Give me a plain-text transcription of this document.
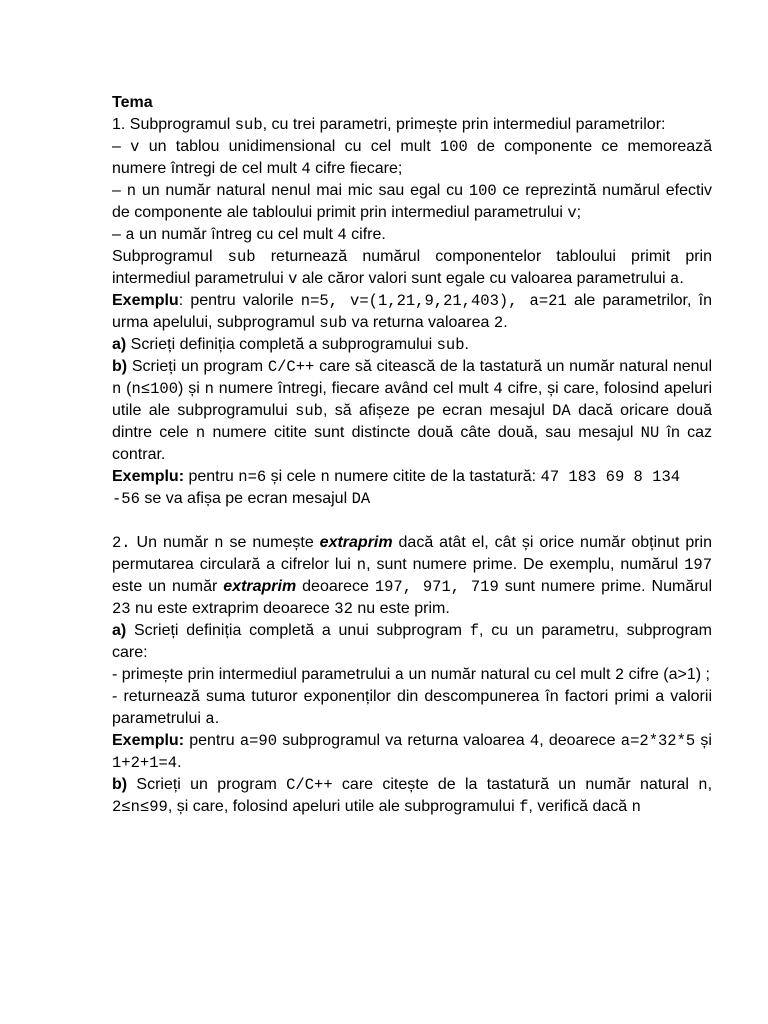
Tema

1. Subprogramul sub, cu trei parametri, primește prin intermediul parametrilor:

– v un tablou unidimensional cu cel mult 100 de componente ce memorează numere întregi de cel mult 4 cifre fiecare;

– n un număr natural nenul mai mic sau egal cu 100 ce reprezintă numărul efectiv de componente ale tabloului primit prin intermediul parametrului v;

– a un număr întreg cu cel mult 4 cifre.

Subprogramul sub returnează numărul componentelor tabloului primit prin intermediul parametrului v ale căror valori sunt egale cu valoarea parametrului a.

Exemplu: pentru valorile n=5, v=(1,21,9,21,403), a=21 ale parametrilor, în urma apelului, subprogramul sub va returna valoarea 2.

a) Scrieți definiția completă a subprogramului sub.

b) Scrieți un program C/C++ care să citească de la tastatură un număr natural nenul n (n≤100) și n numere întregi, fiecare având cel mult 4 cifre, și care, folosind apeluri utile ale subprogramului sub, să afișeze pe ecran mesajul DA dacă oricare două dintre cele n numere citite sunt distincte două câte două, sau mesajul NU în caz contrar.

Exemplu: pentru n=6 și cele n numere citite de la tastatură: 47 183 69 8 134 -56 se va afișa pe ecran mesajul DA

2. Un număr n se numește extraprim dacă atât el, cât și orice număr obținut prin permutarea circulară a cifrelor lui n, sunt numere prime. De exemplu, numărul 197 este un număr extraprim deoarece 197, 971, 719 sunt numere prime. Numărul 23 nu este extraprim deoarece 32 nu este prim.

a) Scrieți definiția completă a unui subprogram f, cu un parametru, subprogram care:

- primește prin intermediul parametrului a un număr natural cu cel mult 2 cifre (a>1) ;

- returnează suma tuturor exponenților din descompunerea în factori primi a valorii parametrului a.

Exemplu: pentru a=90 subprogramul va returna valoarea 4, deoarece a=2*32*5 și 1+2+1=4.

b) Scrieți un program C/C++ care citește de la tastatură un număr natural n, 2≤n≤99, și care, folosind apeluri utile ale subprogramului f, verifică dacă n
